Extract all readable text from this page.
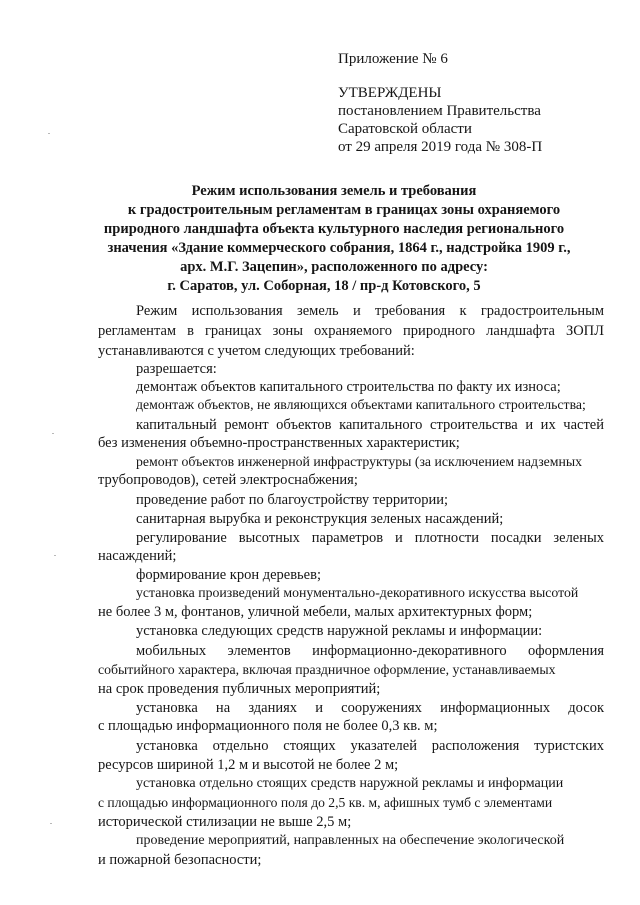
Приложение № 6
УТВЕРЖДЕНЫ
постановлением Правительства
Саратовской области
от 29 апреля 2019 года № 308-П
Режим использования земель и требования
к градостроительным регламентам в границах зоны охраняемого
природного ландшафта объекта культурного наследия регионального
значения «Здание коммерческого собрания, 1864 г., надстройка 1909 г.,
арх. М.Г. Зацепин», расположенного по адресу:
г. Саратов, ул. Соборная, 18 / пр-д Котовского, 5
Режим использования земель и требования к градостроительным
регламентам в границах зоны охраняемого природного ландшафта ЗОПЛ
устанавливаются с учетом следующих требований:
разрешается:
демонтаж объектов капитального строительства по факту их износа;
демонтаж объектов, не являющихся объектами капитального строительства;
капитальный ремонт объектов капитального строительства и их частей
без изменения объемно-пространственных характеристик;
ремонт объектов инженерной инфраструктуры (за исключением надземных
трубопроводов), сетей электроснабжения;
проведение работ по благоустройству территории;
санитарная вырубка и реконструкция зеленых насаждений;
регулирование высотных параметров и плотности посадки зеленых
насаждений;
формирование крон деревьев;
установка произведений монументально-декоративного искусства высотой
не более 3 м, фонтанов, уличной мебели, малых архитектурных форм;
установка следующих средств наружной рекламы и информации:
мобильных элементов информационно-декоративного оформления
событийного характера, включая праздничное оформление, устанавливаемых
на срок проведения публичных мероприятий;
установка на зданиях и сооружениях информационных досок
с площадью информационного поля не более 0,3 кв. м;
установка отдельно стоящих указателей расположения туристских
ресурсов шириной 1,2 м и высотой не более 2 м;
установка отдельно стоящих средств наружной рекламы и информации
с площадью информационного поля до 2,5 кв. м, афишных тумб с элементами
исторической стилизации не выше 2,5 м;
проведение мероприятий, направленных на обеспечение экологической
и пожарной безопасности;
